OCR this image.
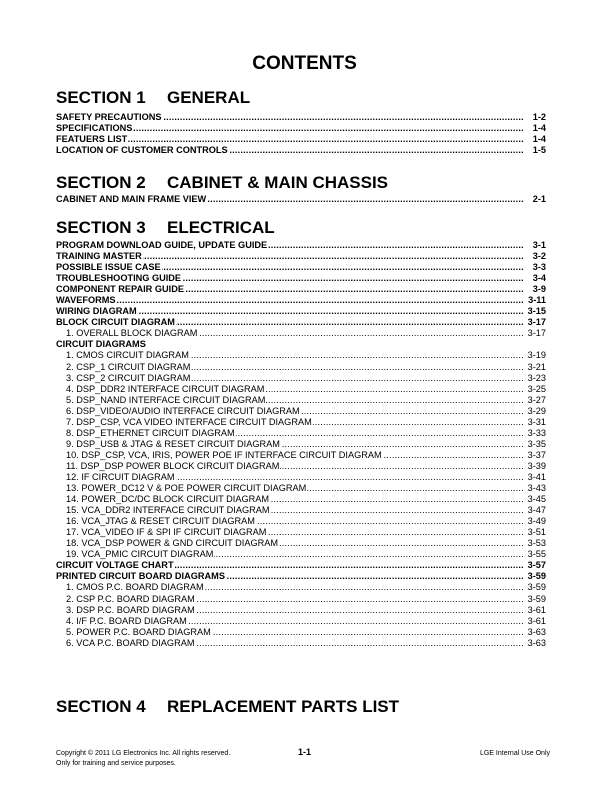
CONTENTS
SECTION 1 GENERAL
.....
SAFETY PRECAUTIONS	1-2
.....
SPECIFICATIONS	1-4
.....
FEATUERS LIST	1-4
.....
LOCATION OF CUSTOMER CONTROLS	1-5
SECTION 2 CABINET & MAIN CHASSIS
.....
CABINET AND MAIN FRAME VIEW	2-1
SECTION 3 ELECTRICAL
.....
PROGRAM DOWNLOAD GUIDE, UPDATE GUIDE	3-1
.....
TRAINING MASTER	3-2
.....
POSSIBLE ISSUE CASE	3-3
.....
TROUBLESHOOTING GUIDE	3-4
.....
COMPONENT REPAIR GUIDE	3-9
.....
WAVEFORMS	3-11
.....
WIRING DIAGRAM	3-15
.....
BLOCK CIRCUIT DIAGRAM	3-17
.....
1. OVERALL BLOCK DIAGRAM	3-17
CIRCUIT DIAGRAMS
.....
1. CMOS CIRCUIT DIAGRAM	3-19
.....
2. CSP_1 CIRCUIT DIAGRAM	3-21
.....
3. CSP_2 CIRCUIT DIAGRAM	3-23
.....
4. DSP_DDR2 INTERFACE CIRCUIT DIAGRAM	3-25
.....
5. DSP_NAND INTERFACE CIRCUIT DIAGRAM	3-27
.....
6. DSP_VIDEO/AUDIO INTERFACE CIRCUIT DIAGRAM	3-29
.....
7. DSP_CSP, VCA VIDEO INTERFACE CIRCUIT DIAGRAM	3-31
.....
8. DSP_ETHERNET CIRCUIT DIAGRAM	3-33
.....
9. DSP_USB & JTAG & RESET CIRCUIT DIAGRAM	3-35
.....
10. DSP_CSP, VCA, IRIS, POWER POE IF INTERFACE CIRCUIT DIAGRAM	3-37
.....
11. DSP_DSP POWER BLOCK CIRCUIT DIAGRAM	3-39
.....
12. IF CIRCUIT DIAGRAM	3-41
.....
13. POWER_DC12 V & POE POWER CIRCUIT DIAGRAM	3-43
.....
14. POWER_DC/DC BLOCK CIRCUIT DIAGRAM	3-45
.....
15. VCA_DDR2 INTERFACE CIRCUIT DIAGRAM	3-47
.....
16. VCA_JTAG & RESET CIRCUIT DIAGRAM	3-49
.....
17. VCA_VIDEO IF & SPI IF CIRCUIT DIAGRAM	3-51
.....
18. VCA_DSP POWER & GND CIRCUIT DIAGRAM	3-53
.....
19. VCA_PMIC CIRCUIT DIAGRAM	3-55
.....
CIRCUIT VOLTAGE CHART	3-57
.....
PRINTED CIRCUIT BOARD DIAGRAMS	3-59
.....
1. CMOS P.C. BOARD DIAGRAM	3-59
.....
2. CSP P.C. BOARD DIAGRAM	3-59
.....
3. DSP P.C. BOARD DIAGRAM	3-61
.....
4. I/F P.C. BOARD DIAGRAM	3-61
.....
5. POWER P.C. BOARD DIAGRAM	3-63
.....
6. VCA P.C. BOARD DIAGRAM	3-63
SECTION 4 REPLACEMENT PARTS LIST
Copyright © 2011 LG Electronics Inc. All rights reserved.
Only for training and service purposes.
1-1	LGE Internal Use Only
